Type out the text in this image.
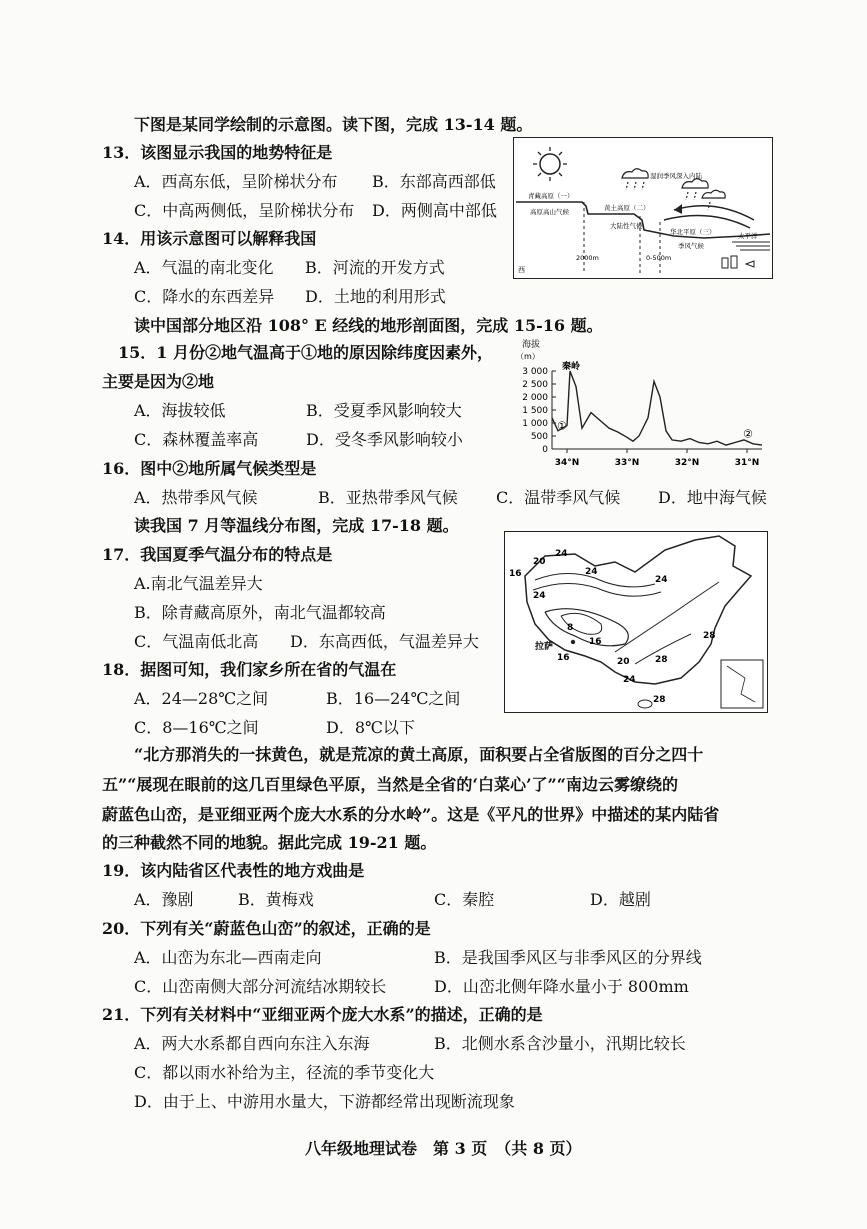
下图是某同学绘制的示意图。读下图，完成 13-14 题。
13．该图显示我国的地势特征是
A．西高东低，呈阶梯状分布 B．东部高西部低
C．中高两侧低，呈阶梯状分布 D．两侧高中部低
14．用该示意图可以解释我国
A．气温的南北变化 B．河流的开发方式
C．降水的东西差异 D．土地的利用形式
青藏高原（一）
高原高山气候	黄土高原（二）
大陆性气候
华北平原（三）
季风气候
湿润季风深入内陆
太平洋
2000m	0-500m
西
读中国部分地区沿 108° E 经线的地形剖面图，完成 15-16 题。
15．1 月份②地气温高于①地的原因除纬度因素外，
主要是因为②地
A．海拔较低	B．受夏季风影响较大
C．森林覆盖率高	D．受冬季风影响较小
海拔
（m）
秦岭
3 000
2 500
2 000
1 500
1 000
500
0
34°N	33°N	32°N	31°N
①
②
16．图中②地所属气候类型是
A．热带季风气候	B．亚热带季风气候 C．温带季风气候 D．地中海气候
读我国 7 月等温线分布图，完成 17-18 题。
17．我国夏季气温分布的特点是
A.南北气温差异大
B．除青藏高原外，南北气温都较高
C．气温南低北高 D．东高西低，气温差异大
18．据图可知，我们家乡所在省的气温在
A．24—28℃之间	B．16—24℃之间
C．8—16℃之间	D．8℃以下
20
16
24
24
24
24
8
16
16	20
24
28
28
28
拉萨
“北方那消失的一抹黄色，就是荒凉的黄土高原，面积要占全省版图的百分之四十
五”“展现在眼前的这几百里绿色平原，当然是全省的‘白菜心’了”“南边云雾缭绕的
蔚蓝色山峦，是亚细亚两个庞大水系的分水岭”。这是《平凡的世界》中描述的某内陆省
的三种截然不同的地貌。据此完成 19-21 题。
19．该内陆省区代表性的地方戏曲是
A．豫剧	B．黄梅戏	C．秦腔	D．越剧
20．下列有关“蔚蓝色山峦”的叙述，正确的是
A．山峦为东北—西南走向	B．是我国季风区与非季风区的分界线
C．山峦南侧大部分河流结冰期较长	D．山峦北侧年降水量小于 800mm
21．下列有关材料中“亚细亚两个庞大水系”的描述，正确的是
A．两大水系都自西向东注入东海	B．北侧水系含沙量小，汛期比较长
C．都以雨水补给为主，径流的季节变化大
D．由于上、中游用水量大，下游都经常出现断流现象
八年级地理试卷　第 3 页　（共 8 页）
